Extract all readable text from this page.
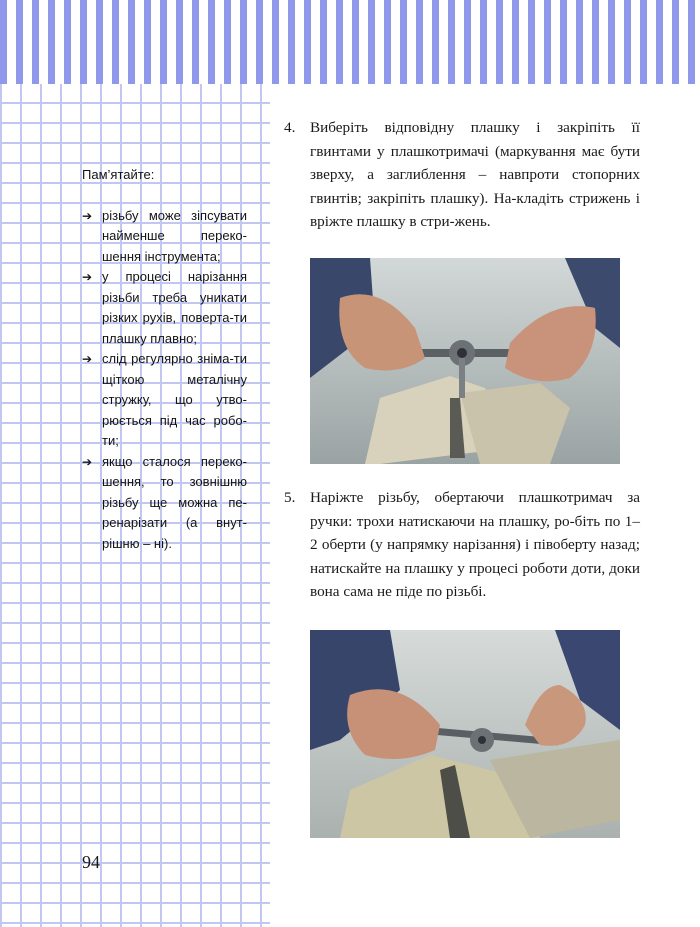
Пам’ятайте:

➔ різьбу може зіпсувати найменше переко-шення інструмента;
➔ у процесі нарізання різьби треба уникати різких рухів, поверта-ти плашку плавно;
➔ слід регулярно зніма-ти щіткою металічну стружку, що утво-рюється під час робо-ти;
➔ якщо сталося переко-шення, то зовнішню різьбу ще можна пе-ренарізати (а внут-рішню – ні).
94
4. Виберіть відповідну плашку і закріпіть її гвинтами у плашкотримачі (маркування має бути зверху, а заглиблення – навпроти стопорних гвинтів; закріпіть плашку). На-кладіть стрижень і вріжте плашку в стри-жень.
5. Наріжте різьбу, обертаючи плашкотримач за ручки: трохи натискаючи на плашку, ро-біть по 1–2 оберти (у напрямку нарізання) і півоберту назад; натискайте на плашку у процесі роботи доти, доки вона сама не піде по різьбі.
